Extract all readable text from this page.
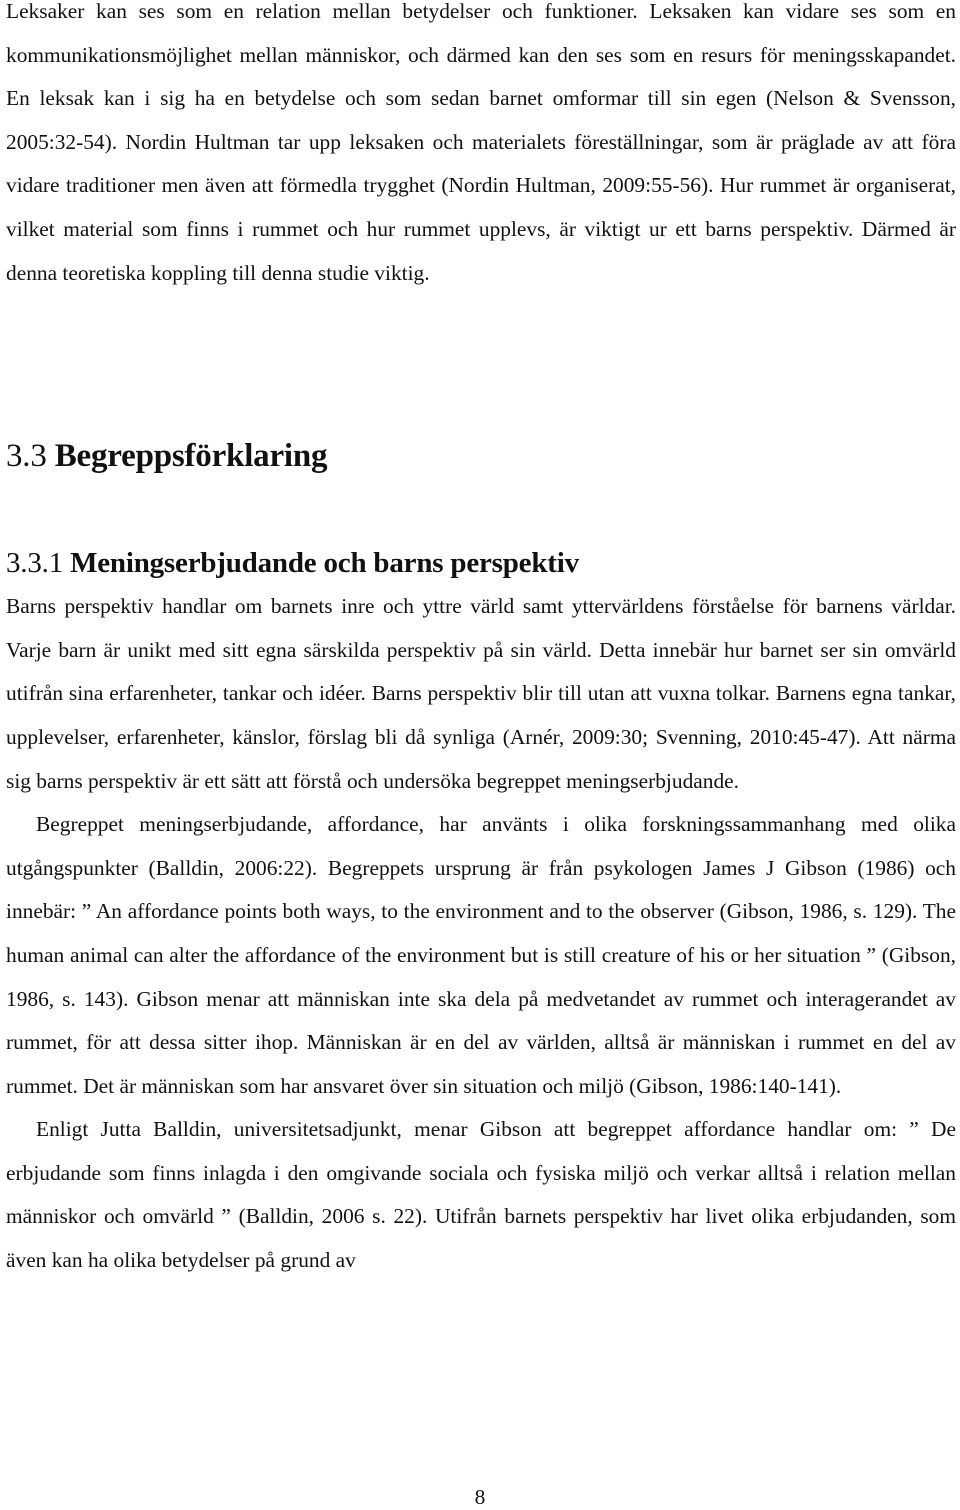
Leksaker kan ses som en relation mellan betydelser och funktioner. Leksaken kan vidare ses som en kommunikationsmöjlighet mellan människor, och därmed kan den ses som en resurs för meningsskapandet. En leksak kan i sig ha en betydelse och som sedan barnet omformar till sin egen (Nelson & Svensson, 2005:32-54). Nordin Hultman tar upp leksaken och materialets föreställningar, som är präglade av att föra vidare traditioner men även att förmedla trygghet (Nordin Hultman, 2009:55-56). Hur rummet är organiserat, vilket material som finns i rummet och hur rummet upplevs, är viktigt ur ett barns perspektiv. Därmed är denna teoretiska koppling till denna studie viktig.

3.3 Begreppsförklaring
3.3.1 Meningserbjudande och barns perspektiv

Barns perspektiv handlar om barnets inre och yttre värld samt yttervärldens förståelse för barnens världar. Varje barn är unikt med sitt egna särskilda perspektiv på sin värld. Detta innebär hur barnet ser sin omvärld utifrån sina erfarenheter, tankar och idéer. Barns perspektiv blir till utan att vuxna tolkar. Barnens egna tankar, upplevelser, erfarenheter, känslor, förslag bli då synliga (Arnér, 2009:30; Svenning, 2010:45-47). Att närma sig barns perspektiv är ett sätt att förstå och undersöka begreppet meningserbjudande.

Begreppet meningserbjudande, affordance, har använts i olika forskningssammanhang med olika utgångspunkter (Balldin, 2006:22). Begreppets ursprung är från psykologen James J Gibson (1986) och innebär: ” An affordance points both ways, to the environment and to the observer (Gibson, 1986, s. 129). The human animal can alter the affordance of the environment but is still creature of his or her situation ” (Gibson, 1986, s. 143). Gibson menar att människan inte ska dela på medvetandet av rummet och interagerandet av rummet, för att dessa sitter ihop. Människan är en del av världen, alltså är människan i rummet en del av rummet. Det är människan som har ansvaret över sin situation och miljö (Gibson, 1986:140-141).

Enligt Jutta Balldin, universitetsadjunkt, menar Gibson att begreppet affordance handlar om: ” De erbjudande som finns inlagda i den omgivande sociala och fysiska miljö och verkar alltså i relation mellan människor och omvärld ” (Balldin, 2006 s. 22). Utifrån barnets perspektiv har livet olika erbjudanden, som även kan ha olika betydelser på grund av

8
